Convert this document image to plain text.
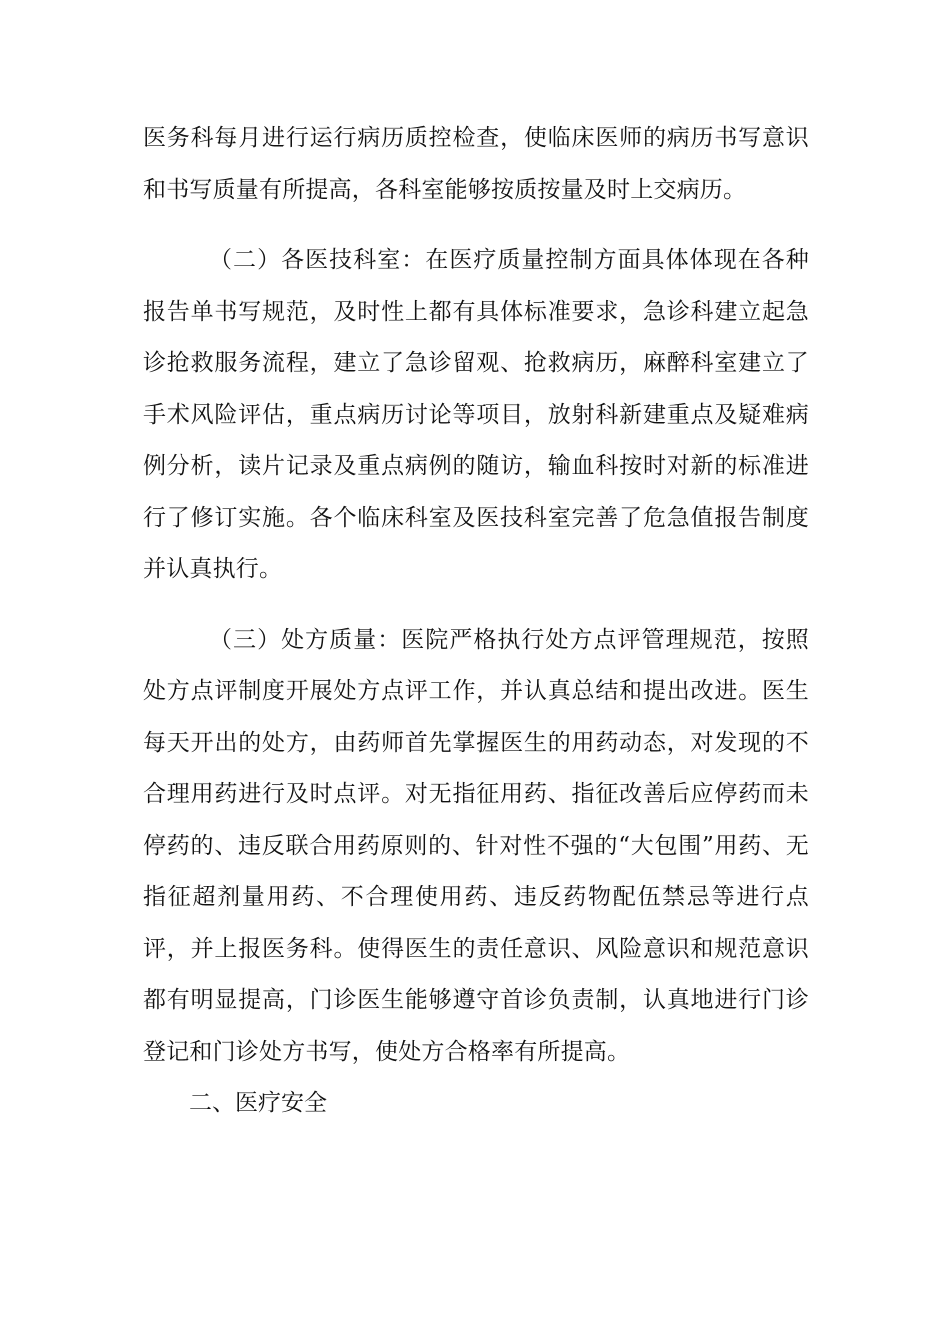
医务科每月进行运行病历质控检查，使临床医师的病历书写意识和书写质量有所提高，各科室能够按质按量及时上交病历。

（二）各医技科室：在医疗质量控制方面具体体现在各种报告单书写规范，及时性上都有具体标准要求，急诊科建立起急诊抢救服务流程，建立了急诊留观、抢救病历，麻醉科室建立了手术风险评估，重点病历讨论等项目，放射科新建重点及疑难病例分析，读片记录及重点病例的随访，输血科按时对新的标准进行了修订实施。各个临床科室及医技科室完善了危急值报告制度并认真执行。

（三）处方质量：医院严格执行处方点评管理规范，按照处方点评制度开展处方点评工作，并认真总结和提出改进。医生每天开出的处方，由药师首先掌握医生的用药动态，对发现的不合理用药进行及时点评。对无指征用药、指征改善后应停药而未停药的、违反联合用药原则的、针对性不强的“大包围”用药、无指征超剂量用药、不合理使用药、违反药物配伍禁忌等进行点评，并上报医务科。使得医生的责任意识、风险意识和规范意识都有明显提高，门诊医生能够遵守首诊负责制，认真地进行门诊登记和门诊处方书写，使处方合格率有所提高。

二、医疗安全
